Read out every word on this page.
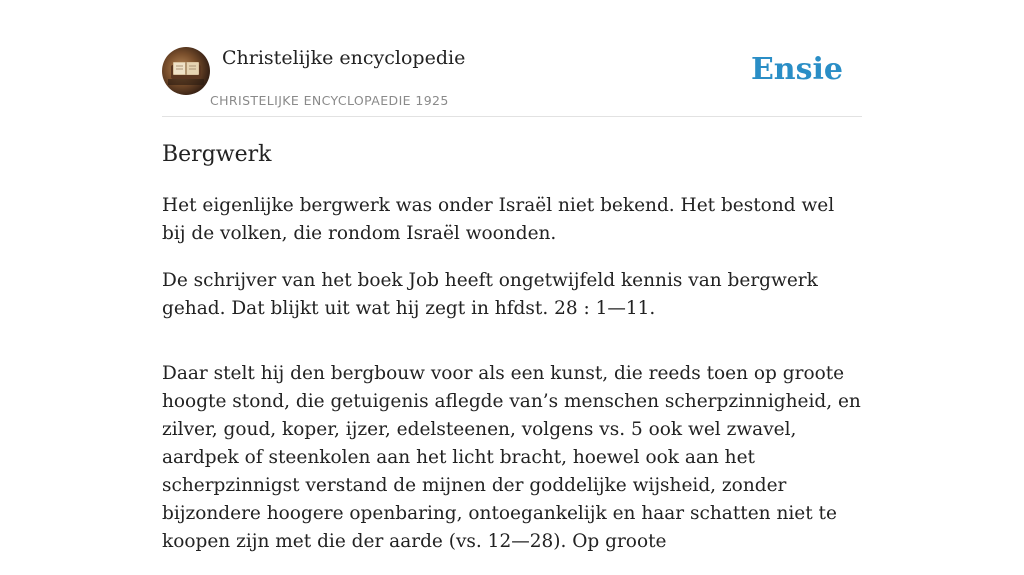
Christelijke encyclopedie
CHRISTELIJKE ENCYCLOPAEDIE 1925
Ensie
Bergwerk

Het eigenlijke bergwerk was onder Israël niet bekend. Het bestond wel bij de volken, die rondom Israël woonden.

De schrijver van het boek Job heeft ongetwijfeld kennis van bergwerk gehad. Dat blijkt uit wat hij zegt in hfdst. 28 : 1—11.

Daar stelt hij den bergbouw voor als een kunst, die reeds toen op groote hoogte stond, die getuigenis aflegde van’s menschen scherpzinnigheid, en zilver, goud, koper, ijzer, edelsteenen, volgens vs. 5 ook wel zwavel, aardpek of steenkolen aan het licht bracht, hoewel ook aan het scherpzinnigst verstand de mijnen der goddelijke wijsheid, zonder bijzondere hoogere openbaring, ontoegankelijk en haar schatten niet te koopen zijn met die der aarde (vs. 12—28). Op groote
